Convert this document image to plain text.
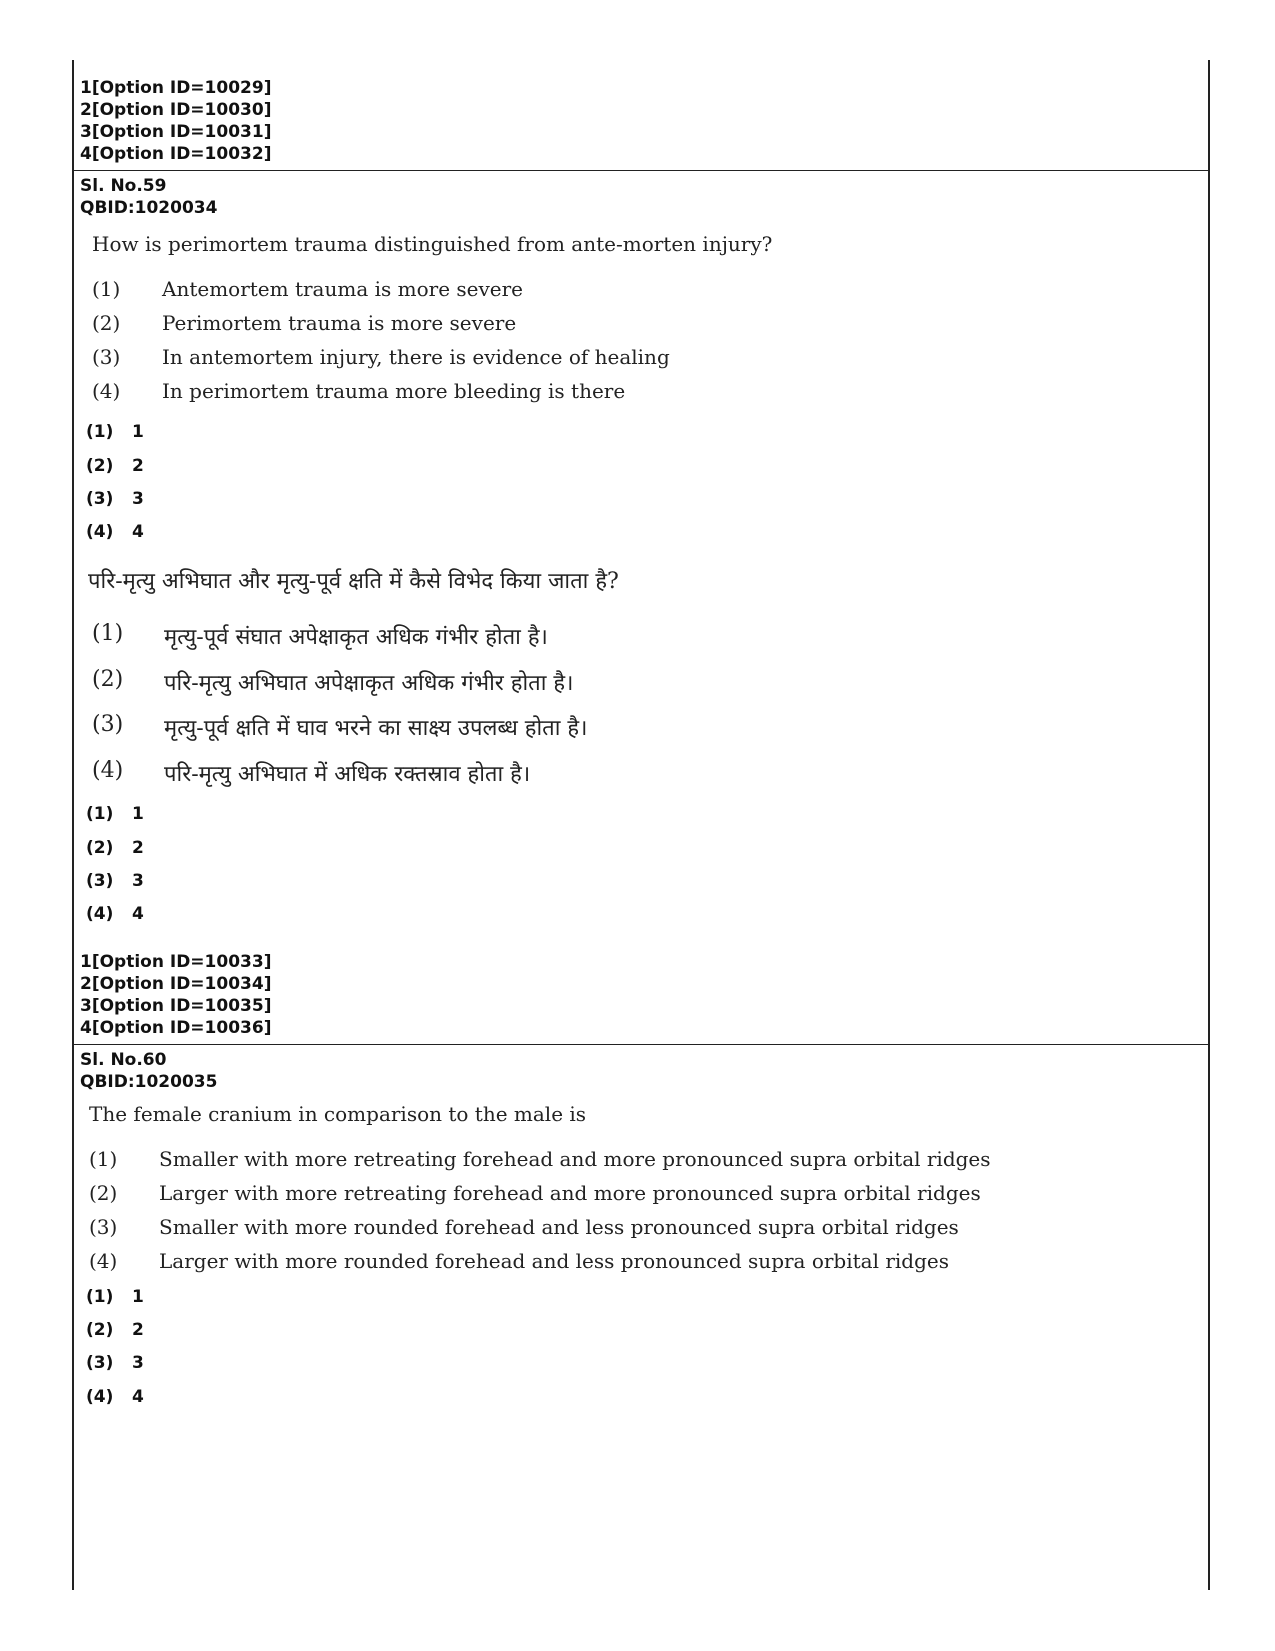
1[Option ID=10029]

2[Option ID=10030]

3[Option ID=10031]

4[Option ID=10032]

Sl. No.59
QBID:1020034
How is perimortem trauma distinguished from ante-morten injury?
(1) Antemortem trauma is more severe
(2) Perimortem trauma is more severe
(3) In antemortem injury, there is evidence of healing
(4) In perimortem trauma more bleeding is there
(1) 1
(2) 2
(3) 3
(4) 4
परि-मृत्यु अभिघात और मृत्यु-पूर्व क्षति में कैसे विभेद किया जाता है?
(1) मृत्यु-पूर्व संघात अपेक्षाकृत अधिक गंभीर होता है।
(2) परि-मृत्यु अभिघात अपेक्षाकृत अधिक गंभीर होता है।
(3) मृत्यु-पूर्व क्षति में घाव भरने का साक्ष्य उपलब्ध होता है।
(4) परि-मृत्यु अभिघात में अधिक रक्तस्राव होता है।
(1) 1
(2) 2
(3) 3
(4) 4

1[Option ID=10033]

2[Option ID=10034]

3[Option ID=10035]

4[Option ID=10036]

Sl. No.60
QBID:1020035
The female cranium in comparison to the male is
(1) Smaller with more retreating forehead and more pronounced supra orbital ridges
(2) Larger with more retreating forehead and more pronounced supra orbital ridges
(3) Smaller with more rounded forehead and less pronounced supra orbital ridges
(4) Larger with more rounded forehead and less pronounced supra orbital ridges
(1) 1
(2) 2
(3) 3
(4) 4
